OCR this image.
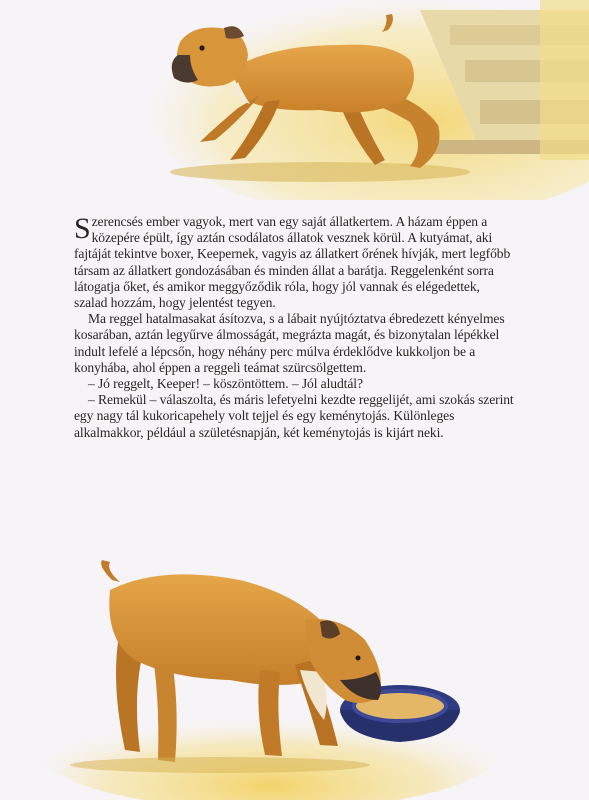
Szerencsés ember vagyok, mert van egy saját állatkertem. A házam éppen a közepére épült, így aztán csodálatos állatok vesznek körül. A kutyámat, aki fajtáját tekintve boxer, Keepernek, vagyis az állatkert őrének hívják, mert legfőbb társam az állatkert gondozásában és minden állat a barátja. Reggelenként sorra látogatja őket, és amikor meggyőződik róla, hogy jól vannak és elégedettek, szalad hozzám, hogy jelentést tegyen.

Ma reggel hatalmasakat ásítozva, s a lábait nyújtóztatva ébredezett kényelmes kosarában, aztán legyűrve álmosságát, megrázta magát, és bizonytalan lépékkel indult lefelé a lépcsőn, hogy néhány perc múlva érdeklődve kukkoljon be a konyhába, ahol éppen a reggeli teámat szürcsölgettem.

– Jó reggelt, Keeper! – köszöntöttem. – Jól aludtál?

– Remekül – válaszolta, és máris lefetyelni kezdte reggelijét, ami szokás szerint egy nagy tál kukoricapehely volt tejjel és egy keménytojás. Különleges alkalmakkor, például a születésnapján, két keménytojás is kijárt neki.
